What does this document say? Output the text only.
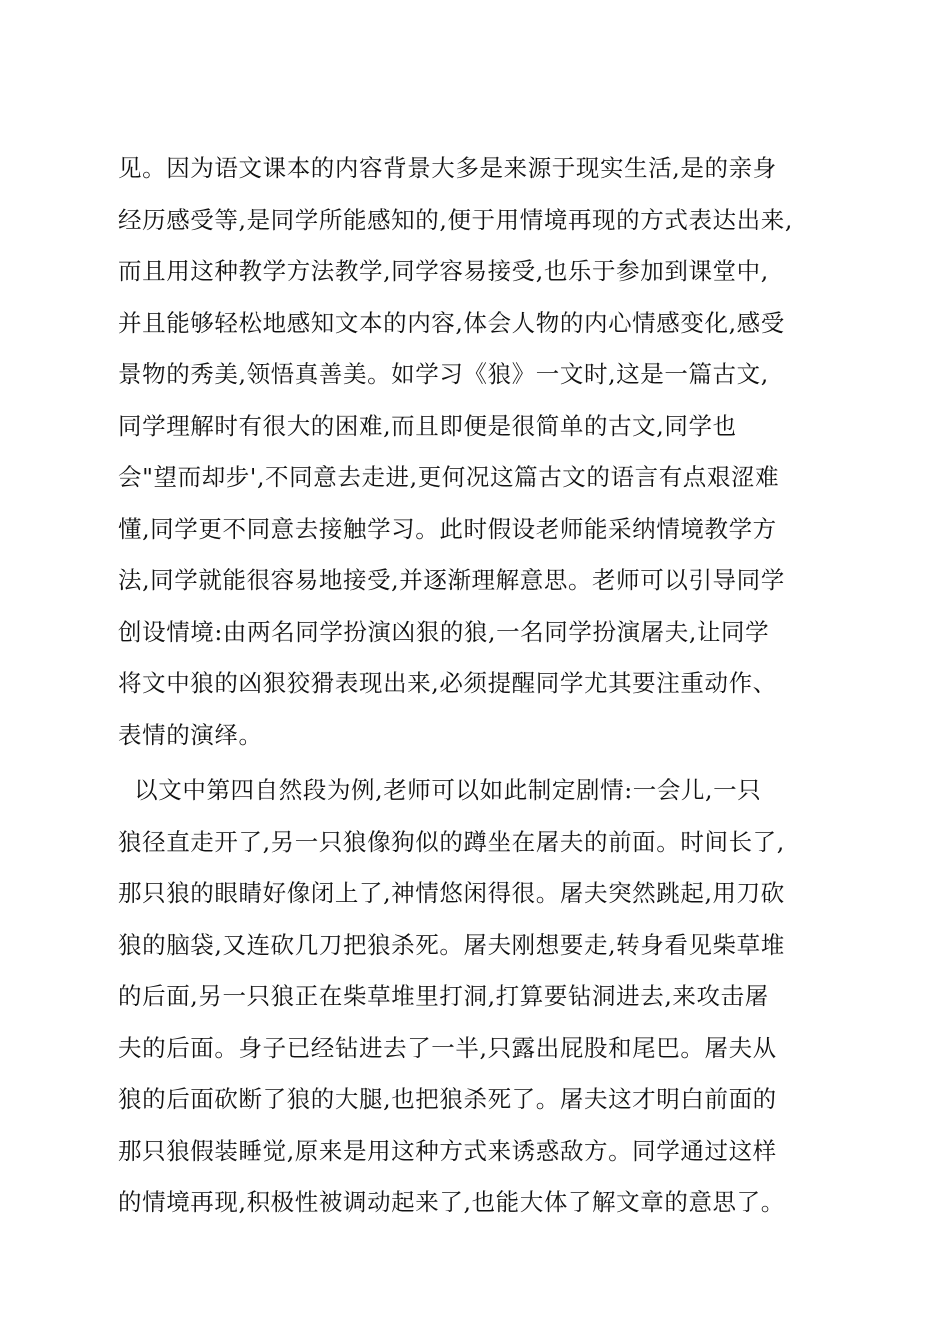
见。因为语文课本的内容背景大多是来源于现实生活,是的亲身
经历感受等,是同学所能感知的,便于用情境再现的方式表达出来,
而且用这种教学方法教学,同学容易接受,也乐于参加到课堂中,
并且能够轻松地感知文本的内容,体会人物的内心情感变化,感受
景物的秀美,领悟真善美。如学习《狼》一文时,这是一篇古文,
同学理解时有很大的困难,而且即便是很简单的古文,同学也
会"望而却步',不同意去走进,更何况这篇古文的语言有点艰涩难
懂,同学更不同意去接触学习。此时假设老师能采纳情境教学方
法,同学就能很容易地接受,并逐渐理解意思。老师可以引导同学
创设情境:由两名同学扮演凶狠的狼,一名同学扮演屠夫,让同学
将文中狼的凶狠狡猾表现出来,必须提醒同学尤其要注重动作、
表情的演绎。
以文中第四自然段为例,老师可以如此制定剧情:一会儿,一只
狼径直走开了,另一只狼像狗似的蹲坐在屠夫的前面。时间长了,
那只狼的眼睛好像闭上了,神情悠闲得很。屠夫突然跳起,用刀砍
狼的脑袋,又连砍几刀把狼杀死。屠夫刚想要走,转身看见柴草堆
的后面,另一只狼正在柴草堆里打洞,打算要钻洞进去,来攻击屠
夫的后面。身子已经钻进去了一半,只露出屁股和尾巴。屠夫从
狼的后面砍断了狼的大腿,也把狼杀死了。屠夫这才明白前面的
那只狼假装睡觉,原来是用这种方式来诱惑敌方。同学通过这样
的情境再现,积极性被调动起来了,也能大体了解文章的意思了。
